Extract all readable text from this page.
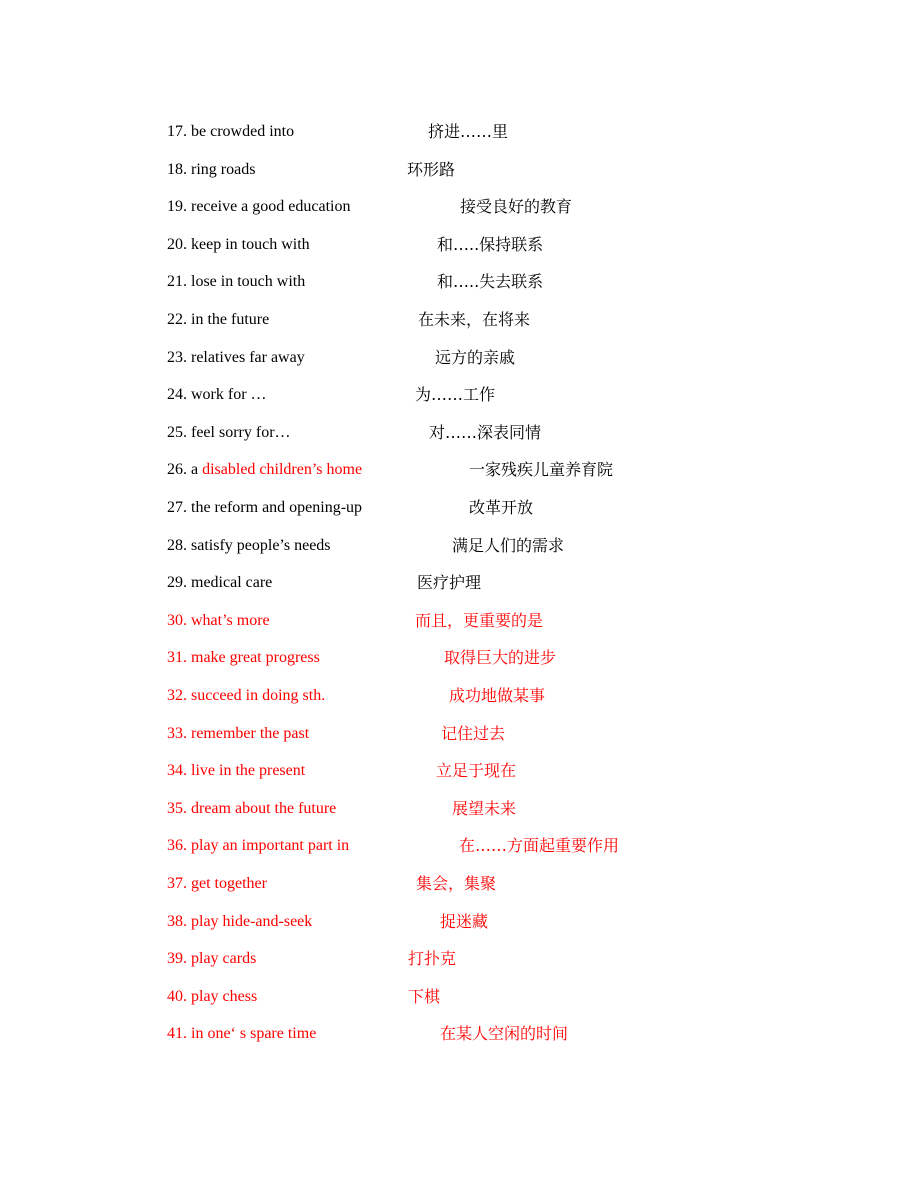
17. be crowded into	挤进……里
18. ring roads	环形路
19. receive a good education	接受良好的教育
20. keep in touch with	和…..保持联系
21. lose in touch with	和…..失去联系
22. in the future	在未来，在将来
23. relatives far away	远方的亲戚
24. work for …	为……工作
25. feel sorry for…	对……深表同情
26. a disabled children’s home	一家残疾儿童养育院
27. the reform and opening-up	改革开放
28. satisfy people’s needs	满足人们的需求
29. medical care	医疗护理
30. what’s more	而且，更重要的是
31. make great progress	取得巨大的进步
32. succeed in doing sth.	成功地做某事
33. remember the past	记住过去
34. live in the present	立足于现在
35. dream about the future	展望未来
36. play an important part in	在……方面起重要作用
37. get together	集会，集聚
38. play hide-and-seek	捉迷藏
39. play cards	打扑克
40. play chess	下棋
41. in one‘ s spare time	在某人空闲的时间
